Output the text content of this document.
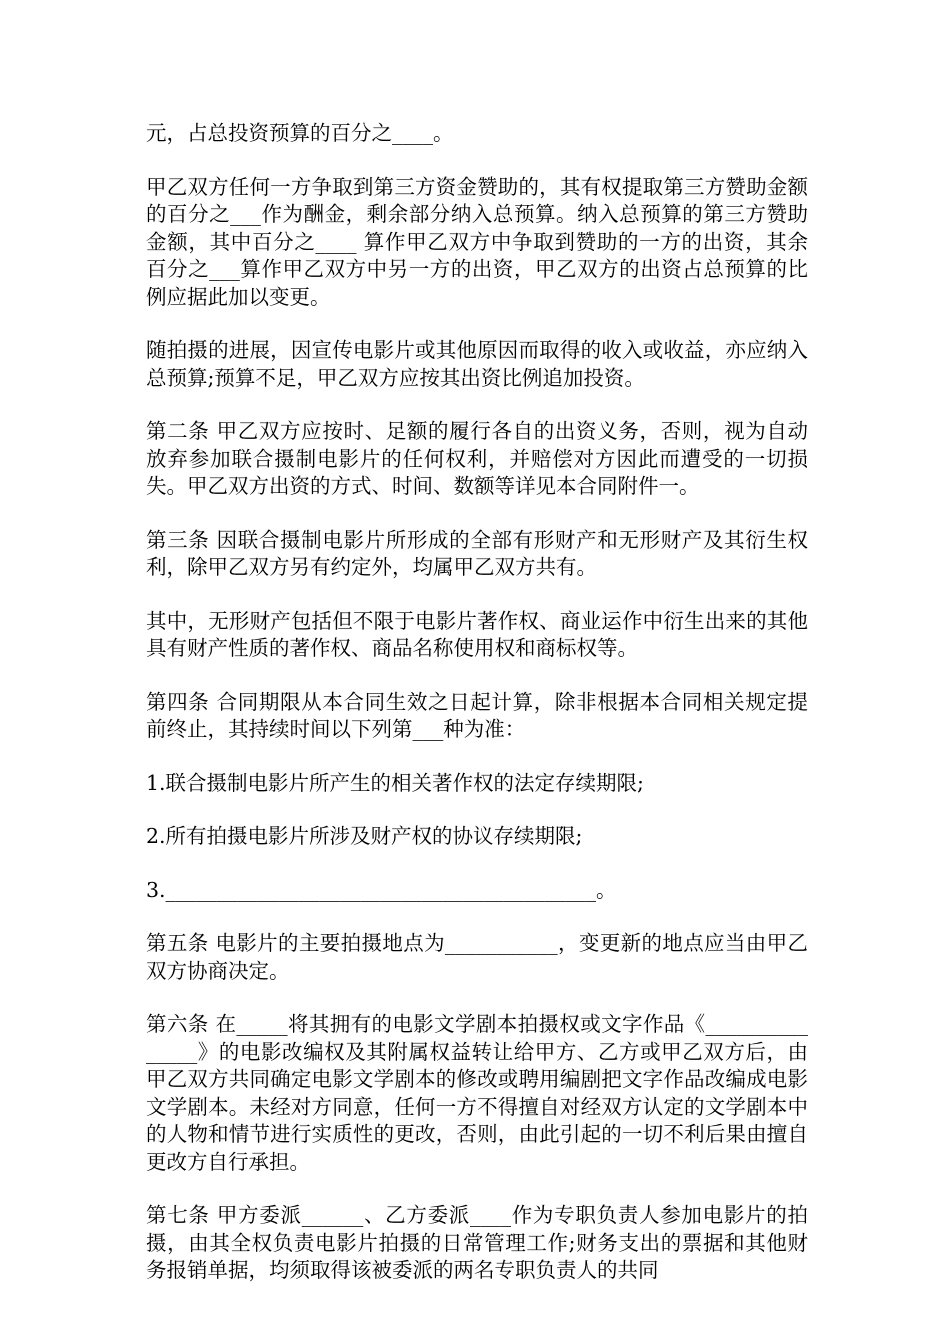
元，占总投资预算的百分之____。

甲乙双方任何一方争取到第三方资金赞助的，其有权提取第三方赞助金额的百分之___作为酬金，剩余部分纳入总预算。纳入总预算的第三方赞助金额，其中百分之____ 算作甲乙双方中争取到赞助的一方的出资，其余百分之___算作甲乙双方中另一方的出资，甲乙双方的出资占总预算的比例应据此加以变更。

随拍摄的进展，因宣传电影片或其他原因而取得的收入或收益，亦应纳入总预算;预算不足，甲乙双方应按其出资比例追加投资。

第二条 甲乙双方应按时、足额的履行各自的出资义务，否则，视为自动放弃参加联合摄制电影片的任何权利，并赔偿对方因此而遭受的一切损失。甲乙双方出资的方式、时间、数额等详见本合同附件一。

第三条 因联合摄制电影片所形成的全部有形财产和无形财产及其衍生权利，除甲乙双方另有约定外，均属甲乙双方共有。

其中，无形财产包括但不限于电影片著作权、商业运作中衍生出来的其他具有财产性质的著作权、商品名称使用权和商标权等。

第四条 合同期限从本合同生效之日起计算，除非根据本合同相关规定提前终止，其持续时间以下列第___种为准：

1.联合摄制电影片所产生的相关著作权的法定存续期限;

2.所有拍摄电影片所涉及财产权的协议存续期限;

3.__________________________________________。

第五条 电影片的主要拍摄地点为___________，变更新的地点应当由甲乙双方协商决定。

第六条 在_____将其拥有的电影文学剧本拍摄权或文字作品《_______________》的电影改编权及其附属权益转让给甲方、乙方或甲乙双方后，由甲乙双方共同确定电影文学剧本的修改或聘用编剧把文字作品改编成电影文学剧本。未经对方同意，任何一方不得擅自对经双方认定的文学剧本中的人物和情节进行实质性的更改，否则，由此引起的一切不利后果由擅自更改方自行承担。

第七条 甲方委派______、乙方委派____作为专职负责人参加电影片的拍摄，由其全权负责电影片拍摄的日常管理工作;财务支出的票据和其他财务报销单据，均须取得该被委派的两名专职负责人的共同
